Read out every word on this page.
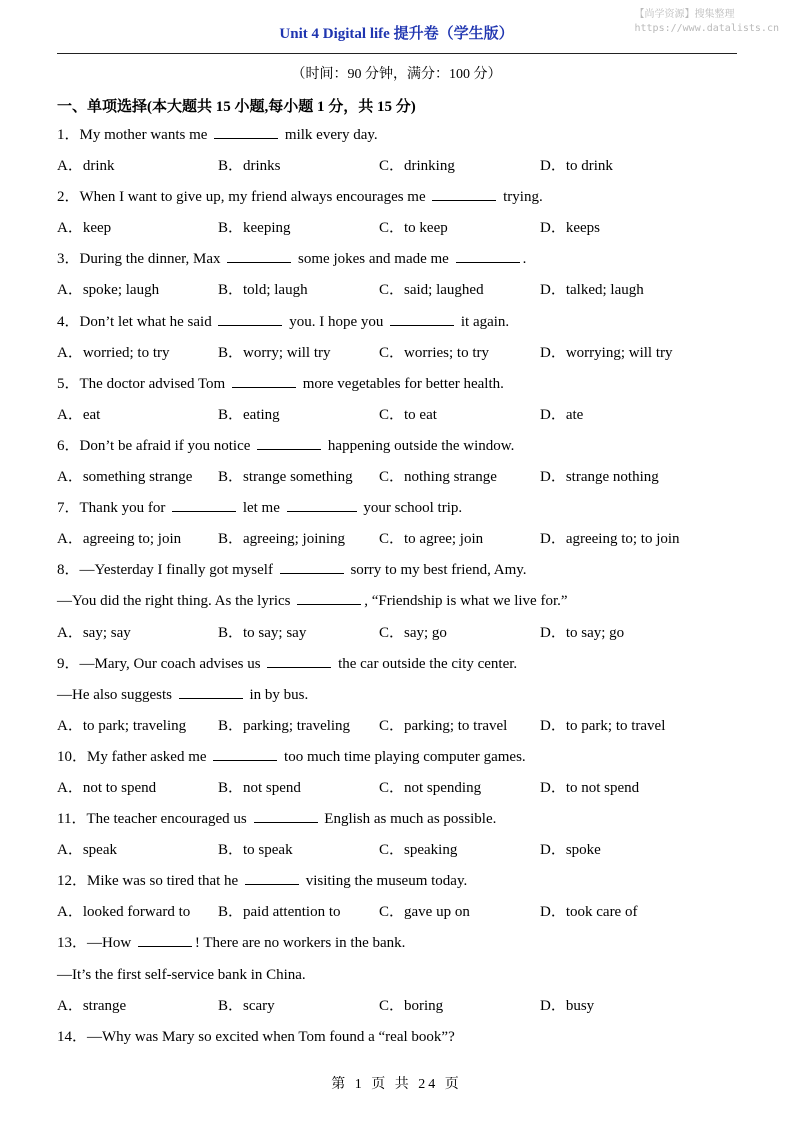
【尚学资源】搜集整理
https://www.datalists.cn
Unit 4 Digital life 提升卷（学生版）
（时间：90 分钟，满分：100 分）
一、单项选择(本大题共 15 小题,每小题 1 分，共 15 分)
1．My mother wants me	milk every day.
A．drink	B．drinks	C．drinking	D．to drink
2．When I want to give up, my friend always encourages me	trying.
A．keep	B．keeping	C．to keep	D．keeps
3．During the dinner, Max	some jokes and made me	.
A．spoke; laugh	B．told; laugh	C．said; laughed	D．talked; laugh
4．Don’t let what he said	you. I hope you	it again.
A．worried; to try	B．worry; will try	C．worries; to try	D．worrying; will try
5．The doctor advised Tom	more vegetables for better health.
A．eat	B．eating	C．to eat	D．ate
6．Don’t be afraid if you notice	happening outside the window.
A．something strange	B．strange something	C．nothing strange	D．strange nothing
7．Thank you for	let me	your school trip.
A．agreeing to; join	B．agreeing; joining	C．to agree; join	D．agreeing to; to join
8．—Yesterday I finally got myself	sorry to my best friend, Amy.
—You did the right thing. As the lyrics	, “Friendship is what we live for.”
A．say; say	B．to say; say	C．say; go	D．to say; go
9．—Mary, Our coach advises us	the car outside the city center.
—He also suggests	in by bus.
A．to park; traveling	B．parking; traveling	C．parking; to travel	D．to park; to travel
10．My father asked me	too much time playing computer games.
A．not to spend	B．not spend	C．not spending	D．to not spend
11．The teacher encouraged us	English as much as possible.
A．speak	B．to speak	C．speaking	D．spoke
12．Mike was so tired that he	visiting the museum today.
A．looked forward to	B．paid attention to	C．gave up on	D．took care of
13．—How	! There are no workers in the bank.
—It’s the first self-service bank in China.
A．strange	B．scary	C．boring	D．busy
14．—Why was Mary so excited when Tom found a “real book”?
第 1 页 共 24 页
